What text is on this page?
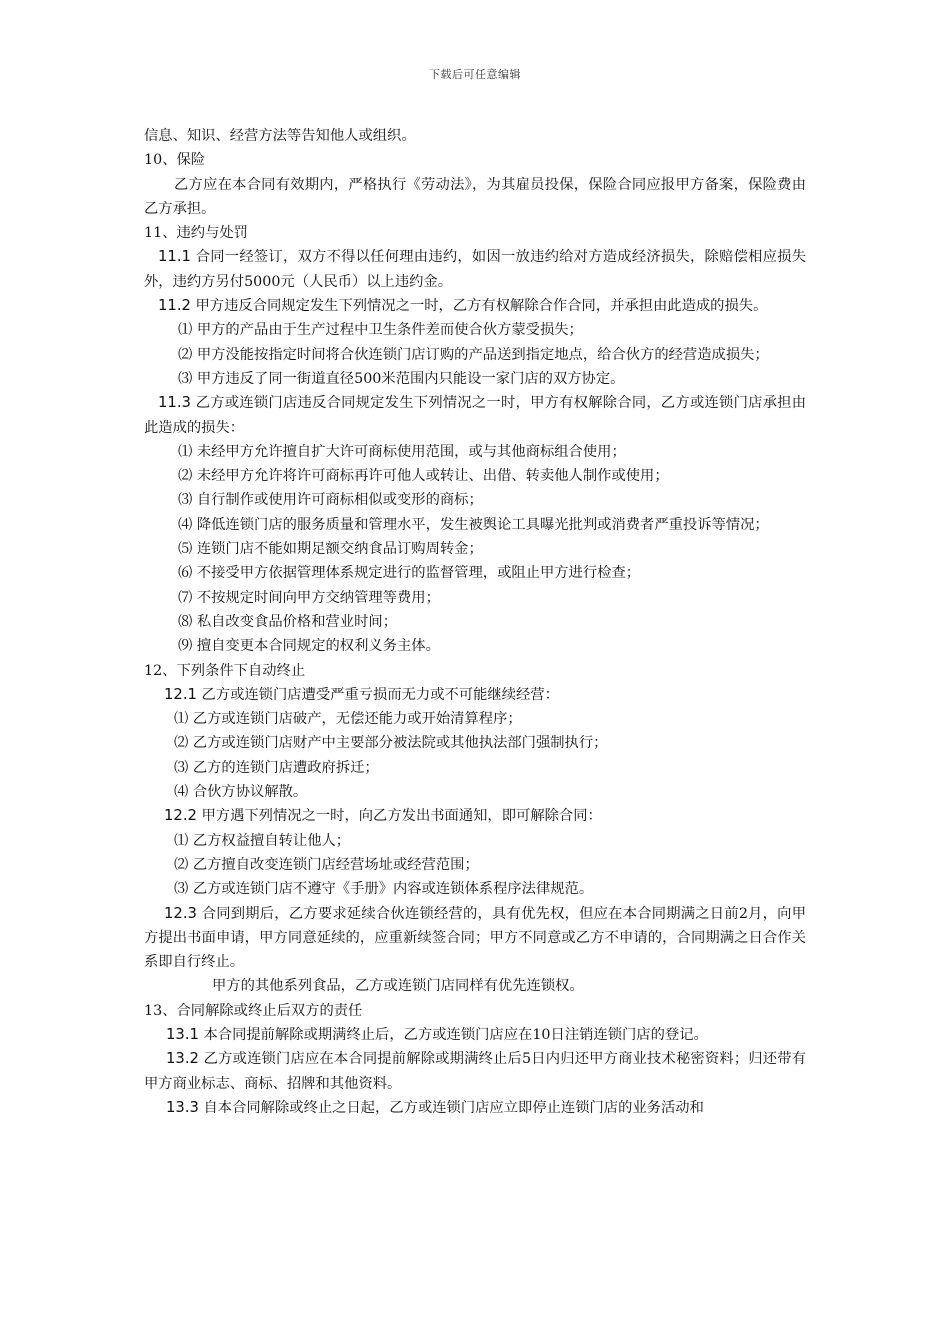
下载后可任意编辑

信息、知识、经营方法等告知他人或组织。

10、保险

乙方应在本合同有效期内，严格执行《劳动法》，为其雇员投保，保险合同应报甲方备案，保险费由乙方承担。

11、违约与处罚

11.1 合同一经签订，双方不得以任何理由违约，如因一放违约给对方造成经济损失，除赔偿相应损失外，违约方另付5000元（人民币）以上违约金。

11.2 甲方违反合同规定发生下列情况之一时，乙方有权解除合作合同，并承担由此造成的损失。

⑴ 甲方的产品由于生产过程中卫生条件差而使合伙方蒙受损失；

⑵ 甲方没能按指定时间将合伙连锁门店订购的产品送到指定地点，给合伙方的经营造成损失；

⑶ 甲方违反了同一街道直径500米范围内只能设一家门店的双方协定。

11.3 乙方或连锁门店违反合同规定发生下列情况之一时，甲方有权解除合同，乙方或连锁门店承担由此造成的损失：

⑴ 未经甲方允许擅自扩大许可商标使用范围，或与其他商标组合使用；

⑵ 未经甲方允许将许可商标再许可他人或转让、出借、转卖他人制作或使用；

⑶ 自行制作或使用许可商标相似或变形的商标；

⑷ 降低连锁门店的服务质量和管理水平，发生被舆论工具曝光批判或消费者严重投诉等情况；

⑸ 连锁门店不能如期足额交纳食品订购周转金；

⑹ 不接受甲方依据管理体系规定进行的监督管理，或阻止甲方进行检查；

⑺ 不按规定时间向甲方交纳管理等费用；

⑻ 私自改变食品价格和营业时间；

⑼ 擅自变更本合同规定的权利义务主体。

12、下列条件下自动终止

12.1 乙方或连锁门店遭受严重亏损而无力或不可能继续经营：

⑴ 乙方或连锁门店破产，无偿还能力或开始清算程序；

⑵ 乙方或连锁门店财产中主要部分被法院或其他执法部门强制执行；

⑶ 乙方的连锁门店遭政府拆迁；

⑷ 合伙方协议解散。

12.2 甲方遇下列情况之一时，向乙方发出书面通知，即可解除合同：

⑴ 乙方权益擅自转让他人；

⑵ 乙方擅自改变连锁门店经营场址或经营范围；

⑶ 乙方或连锁门店不遵守《手册》内容或连锁体系程序法律规范。

12.3 合同到期后，乙方要求延续合伙连锁经营的，具有优先权，但应在本合同期满之日前2月，向甲方提出书面申请，甲方同意延续的，应重新续签合同；甲方不同意或乙方不申请的，合同期满之日合作关系即自行终止。

甲方的其他系列食品，乙方或连锁门店同样有优先连锁权。

13、合同解除或终止后双方的责任

13.1 本合同提前解除或期满终止后，乙方或连锁门店应在10日注销连锁门店的登记。

13.2 乙方或连锁门店应在本合同提前解除或期满终止后5日内归还甲方商业技术秘密资料；归还带有甲方商业标志、商标、招牌和其他资料。

13.3 自本合同解除或终止之日起，乙方或连锁门店应立即停止连锁门店的业务活动和
